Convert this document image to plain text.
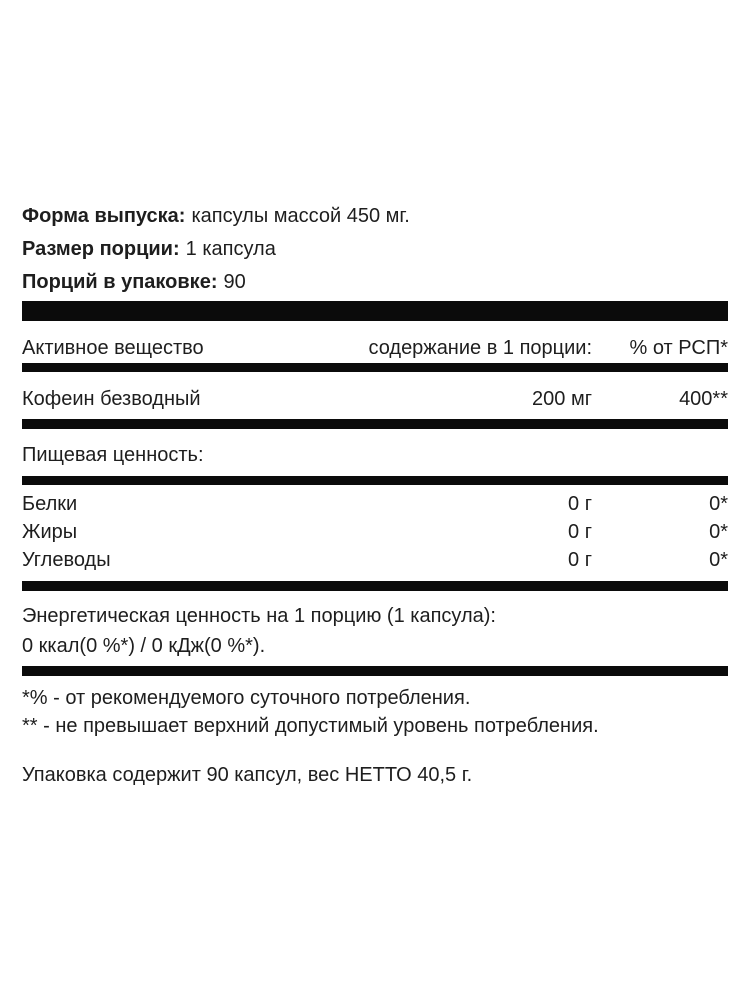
Форма выпуска: капсулы массой 450 мг.
Размер порции: 1 капсула
Порций в упаковке: 90
Активное вещество	содержание в 1 порции:	% от РСП*
Кофеин безводный	200 мг	400**
Пищевая ценность:
Белки	0 г	0*
Жиры	0 г	0*
Углеводы	0 г	0*
Энергетическая ценность на 1 порцию (1 капсула):
0 ккал(0 %*) / 0 кДж(0 %*).
*% - от рекомендуемого суточного потребления.
** - не превышает верхний допустимый уровень потребления.
Упаковка содержит 90 капсул, вес НЕТТО 40,5 г.
